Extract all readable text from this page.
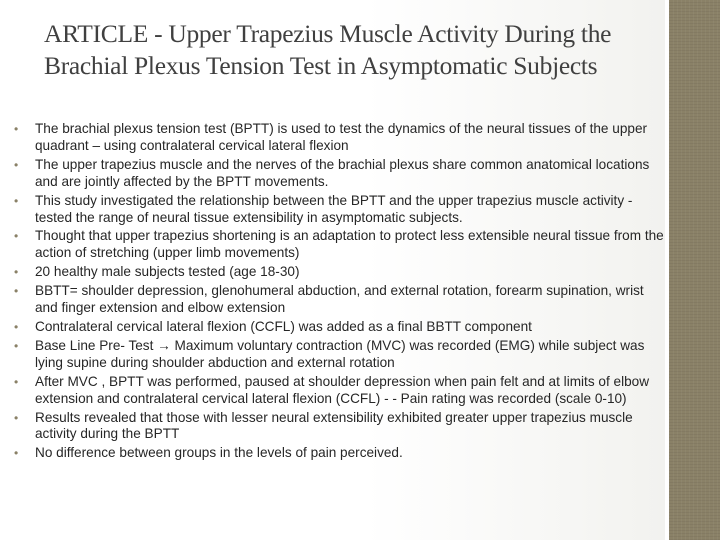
ARTICLE - Upper Trapezius Muscle Activity During the Brachial Plexus Tension Test in Asymptomatic Subjects
• The brachial plexus tension test (BPTT) is used to test the dynamics of the neural tissues of the upper quadrant – using contralateral cervical lateral flexion
• The upper trapezius muscle and the nerves of the brachial plexus share common anatomical locations and are jointly affected by the BPTT movements.
• This study investigated the relationship between the BPTT and the upper trapezius muscle activity - tested the range of neural tissue extensibility in asymptomatic subjects.
• Thought that upper trapezius shortening is an adaptation to protect less extensible neural tissue from the action of stretching (upper limb movements)
• 20 healthy male subjects tested (age 18-30)
• BBTT= shoulder depression, glenohumeral abduction, and external rotation, forearm supination, wrist and finger extension and elbow extension
• Contralateral cervical lateral flexion (CCFL) was added as a final BBTT component
• Base Line Pre- Test → Maximum voluntary contraction (MVC) was recorded (EMG) while subject was lying supine during shoulder abduction and external rotation
• After MVC , BPTT was performed, paused at shoulder depression when pain felt and at limits of elbow extension and contralateral cervical lateral flexion (CCFL) - - Pain rating was recorded (scale 0-10)
• Results revealed that those with lesser neural extensibility exhibited greater upper trapezius muscle activity during the BPTT
• No difference between groups in the levels of pain perceived.
